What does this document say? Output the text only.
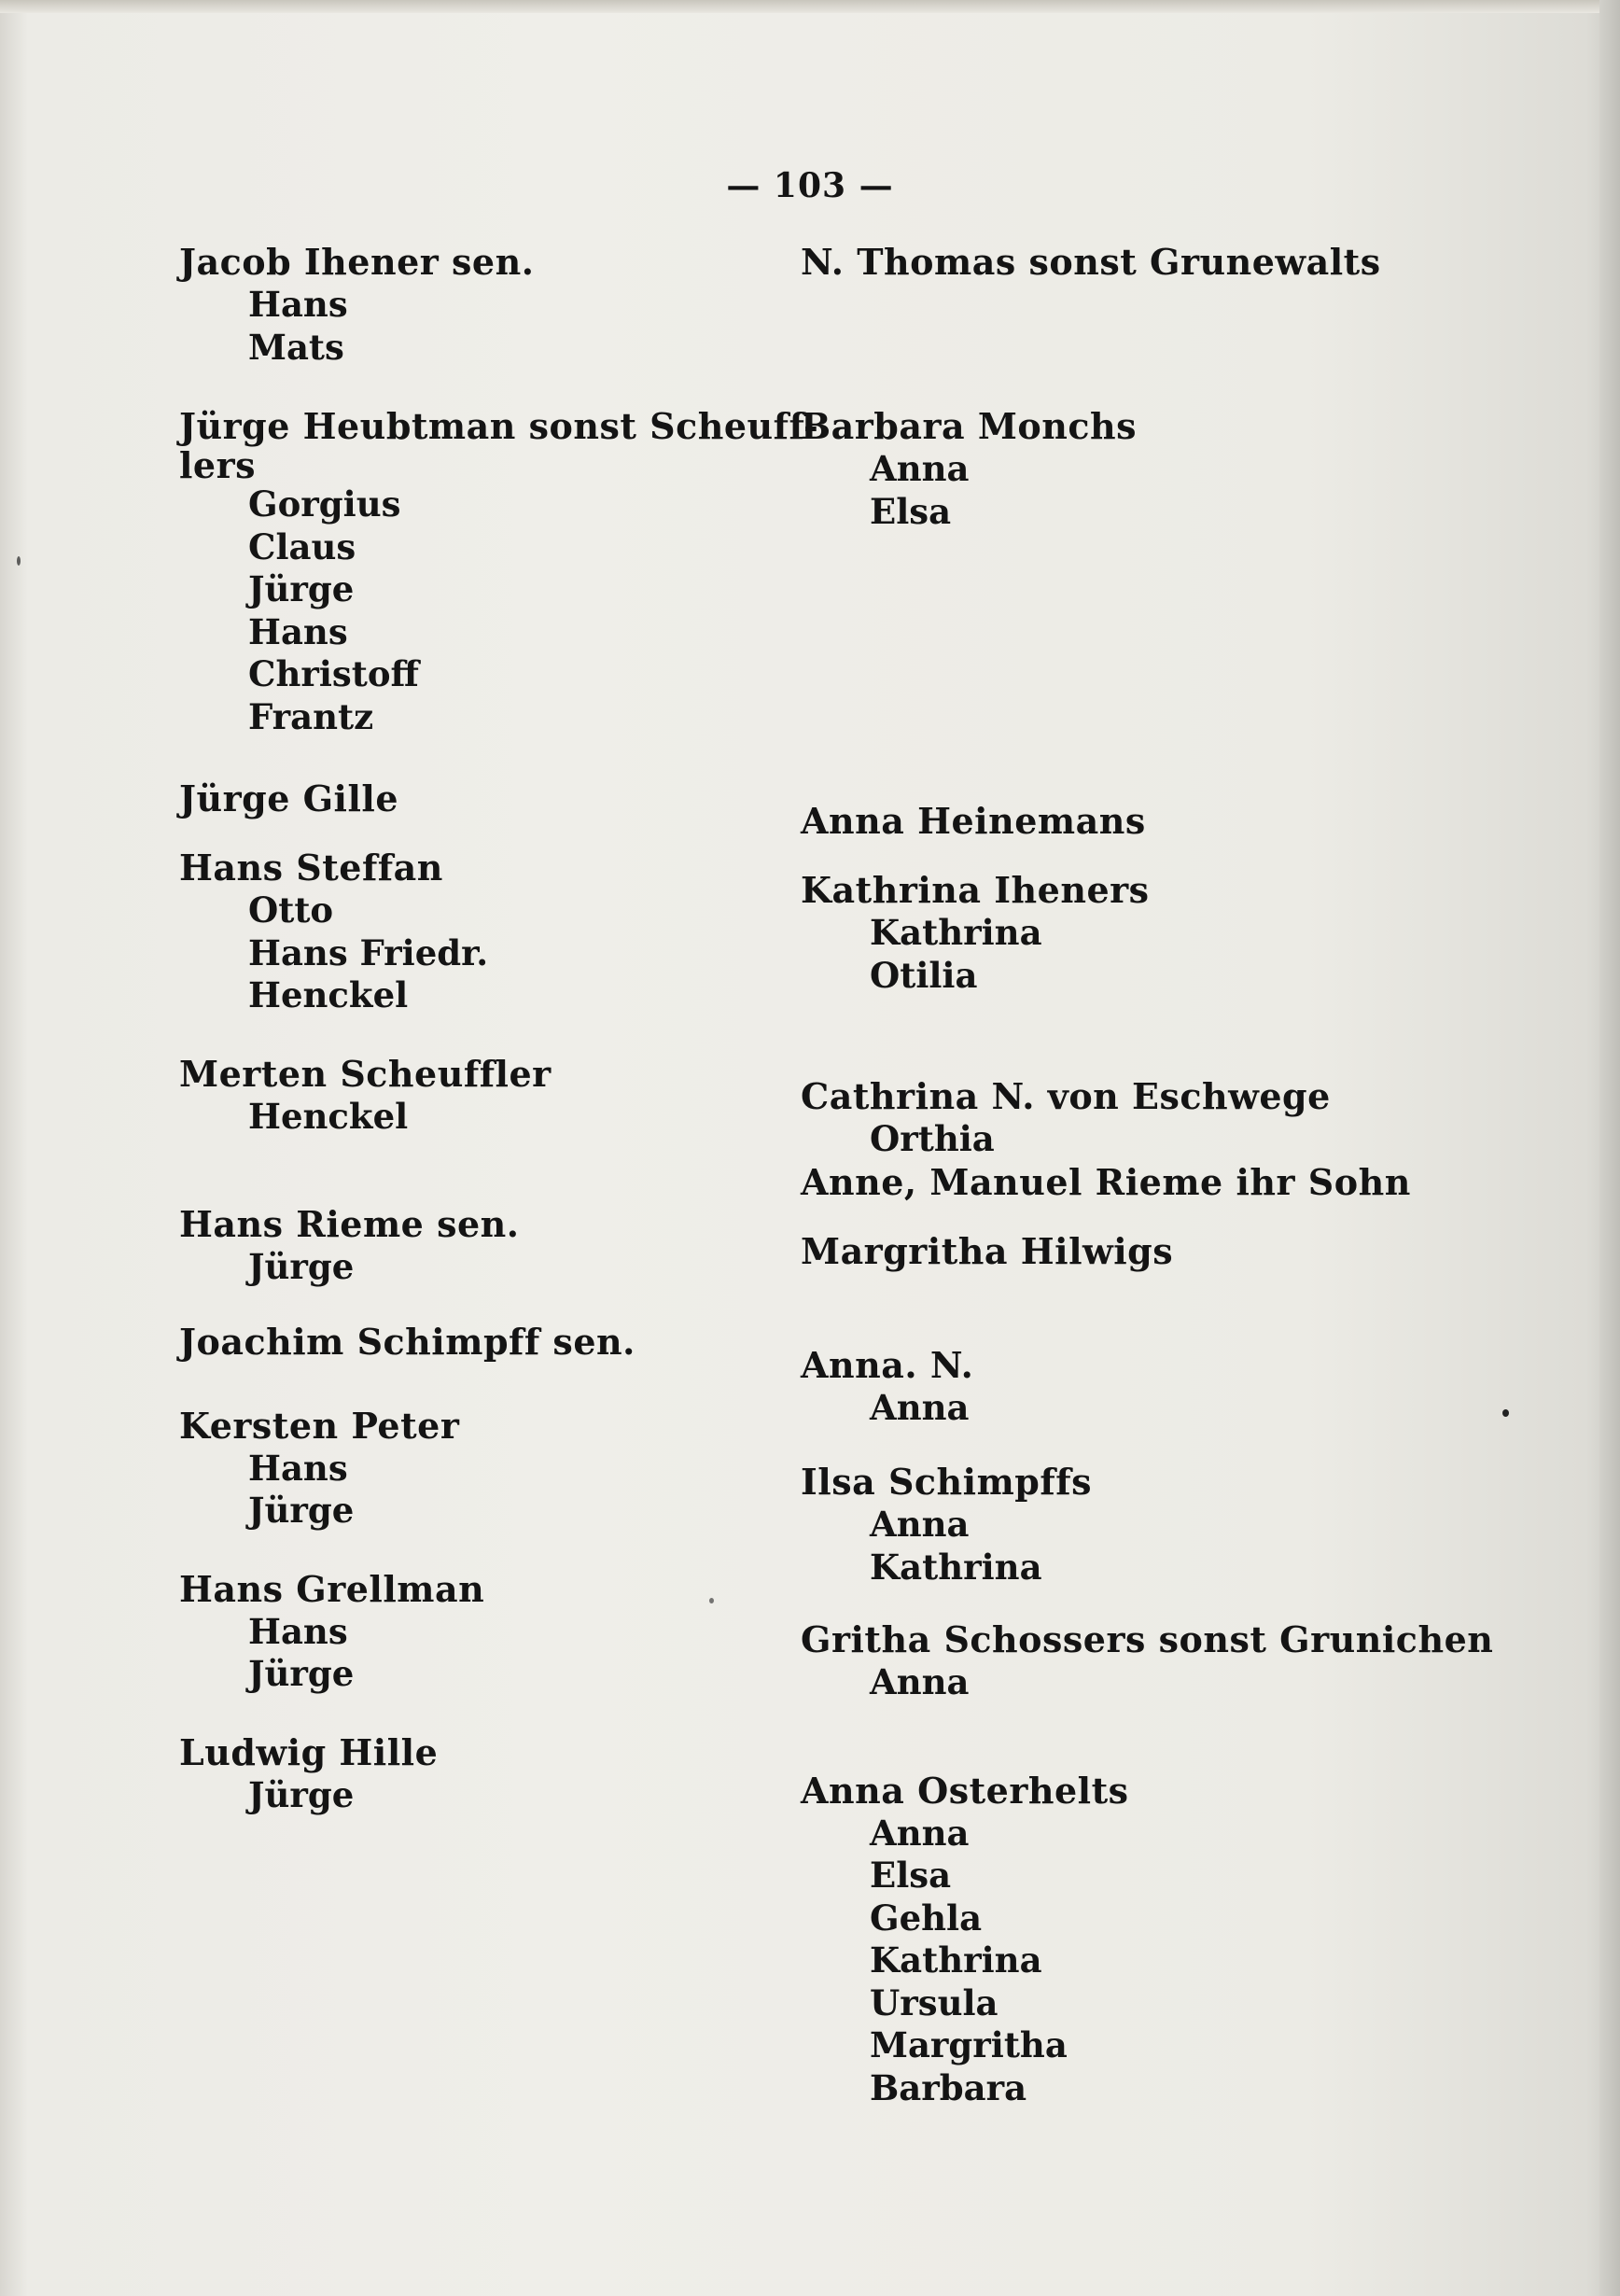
— 103 —
Jacob Ihener sen.
Hans
Mats
Jürge Heubtman sonst Scheuff-
lers
Gorgius
Claus
Jürge
Hans
Christoff
Frantz
Jürge Gille
Hans Steffan
Otto
Hans Friedr.
Henckel
Merten Scheuffler
Henckel
Hans Rieme sen.
Jürge
Joachim Schimpff sen.
Kersten Peter
Hans
Jürge
Hans Grellman
Hans
Jürge
Ludwig Hille
Jürge
N. Thomas sonst Grunewalts
Barbara Monchs
Anna
Elsa
Anna Heinemans
Kathrina Iheners
Kathrina
Otilia
Cathrina N. von Eschwege
Orthia
Anne, Manuel Rieme ihr Sohn
Margritha Hilwigs
Anna. N.
Anna
Ilsa Schimpffs
Anna
Kathrina
Gritha Schossers sonst Grunichen
Anna
Anna Osterhelts
Anna
Elsa
Gehla
Kathrina
Ursula
Margritha
Barbara
